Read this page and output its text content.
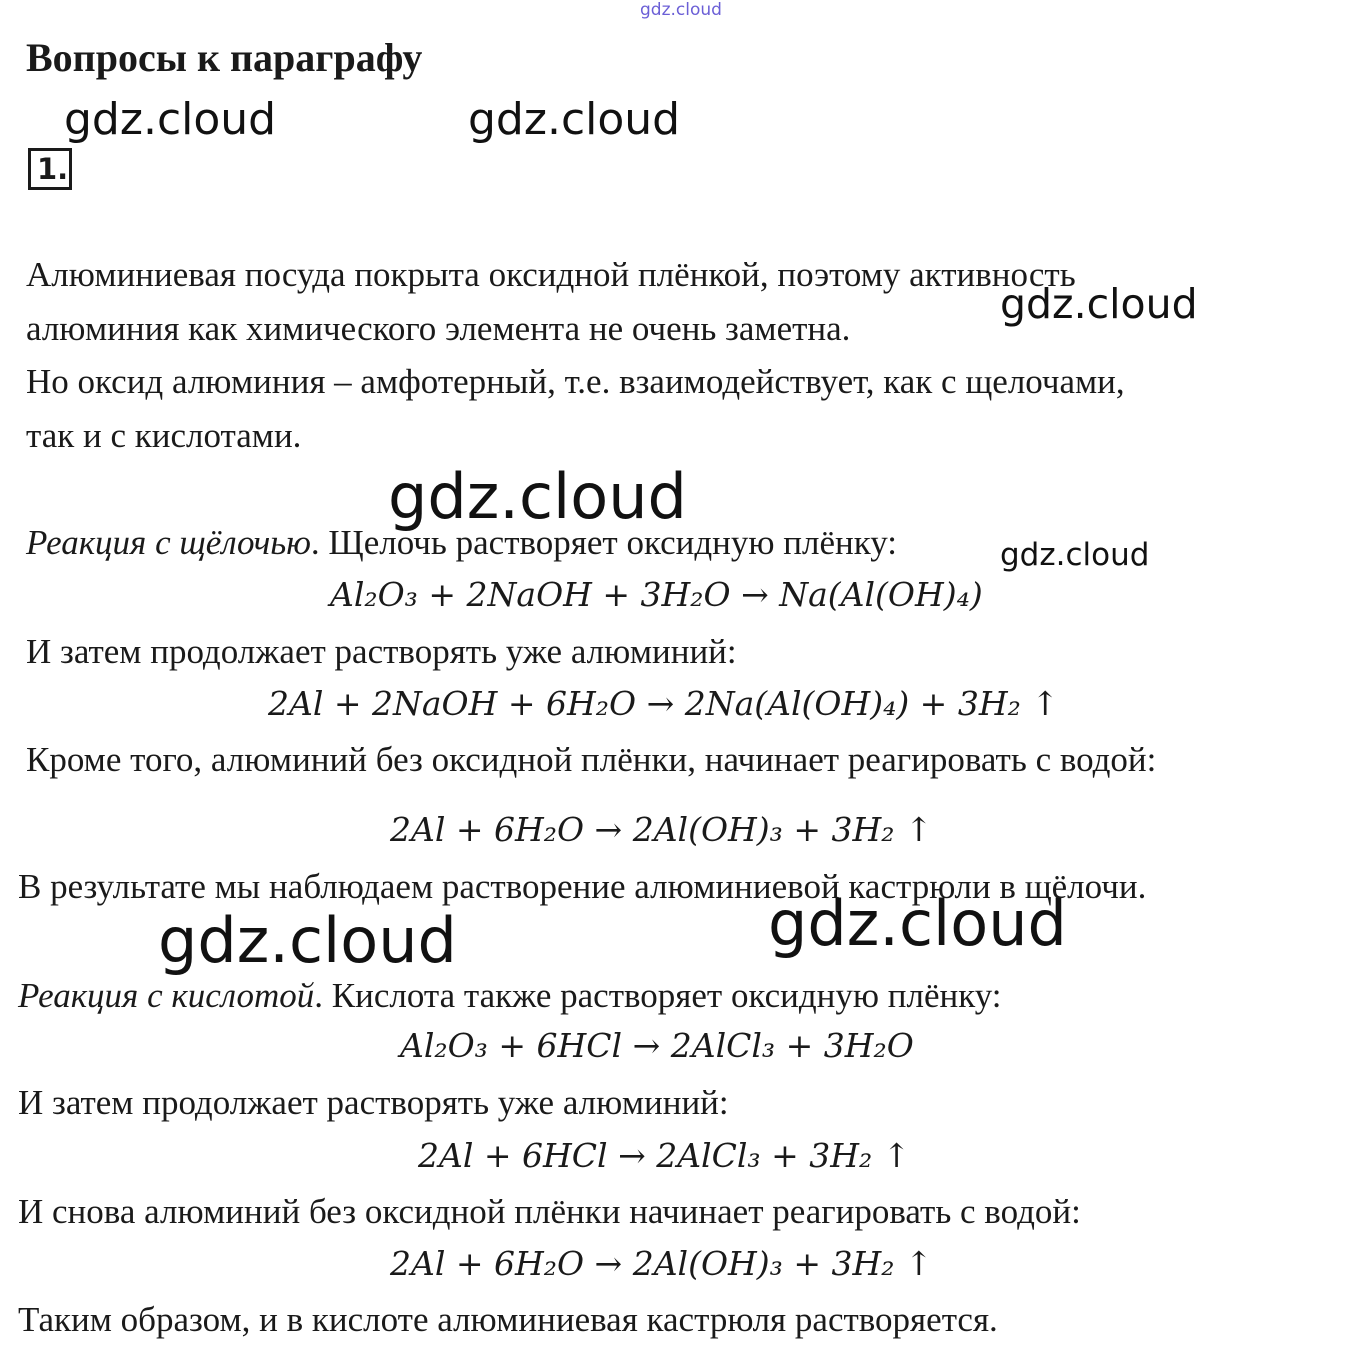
gdz.cloud
gdz.cloud	gdz.cloud
gdz.cloud
gdz.cloud
gdz.cloud
gdz.cloud	gdz.cloud
Вопросы к параграфу
1.
Алюминиевая посуда покрыта оксидной плёнкой, поэтому активность
алюминия как химического элемента не очень заметна.
Но оксид алюминия – амфотерный, т.е. взаимодействует, как с щелочами,
так и с кислотами.
Реакция с щёлочью. Щелочь растворяет оксидную плёнку:
Al₂O₃ + 2NaOH + 3H₂O → Na(Al(OH)₄)
И затем продолжает растворять уже алюминий:
2Al + 2NaOH + 6H₂O → 2Na(Al(OH)₄) + 3H₂ ↑
Кроме того, алюминий без оксидной плёнки, начинает реагировать с водой:
2Al + 6H₂O → 2Al(OH)₃ + 3H₂ ↑
В результате мы наблюдаем растворение алюминиевой кастрюли в щёлочи.
Реакция с кислотой. Кислота также растворяет оксидную плёнку:
Al₂O₃ + 6HCl → 2AlCl₃ + 3H₂O
И затем продолжает растворять уже алюминий:
2Al + 6HCl → 2AlCl₃ + 3H₂ ↑
И снова алюминий без оксидной плёнки начинает реагировать с водой:
2Al + 6H₂O → 2Al(OH)₃ + 3H₂ ↑
Таким образом, и в кислоте алюминиевая кастрюля растворяется.
